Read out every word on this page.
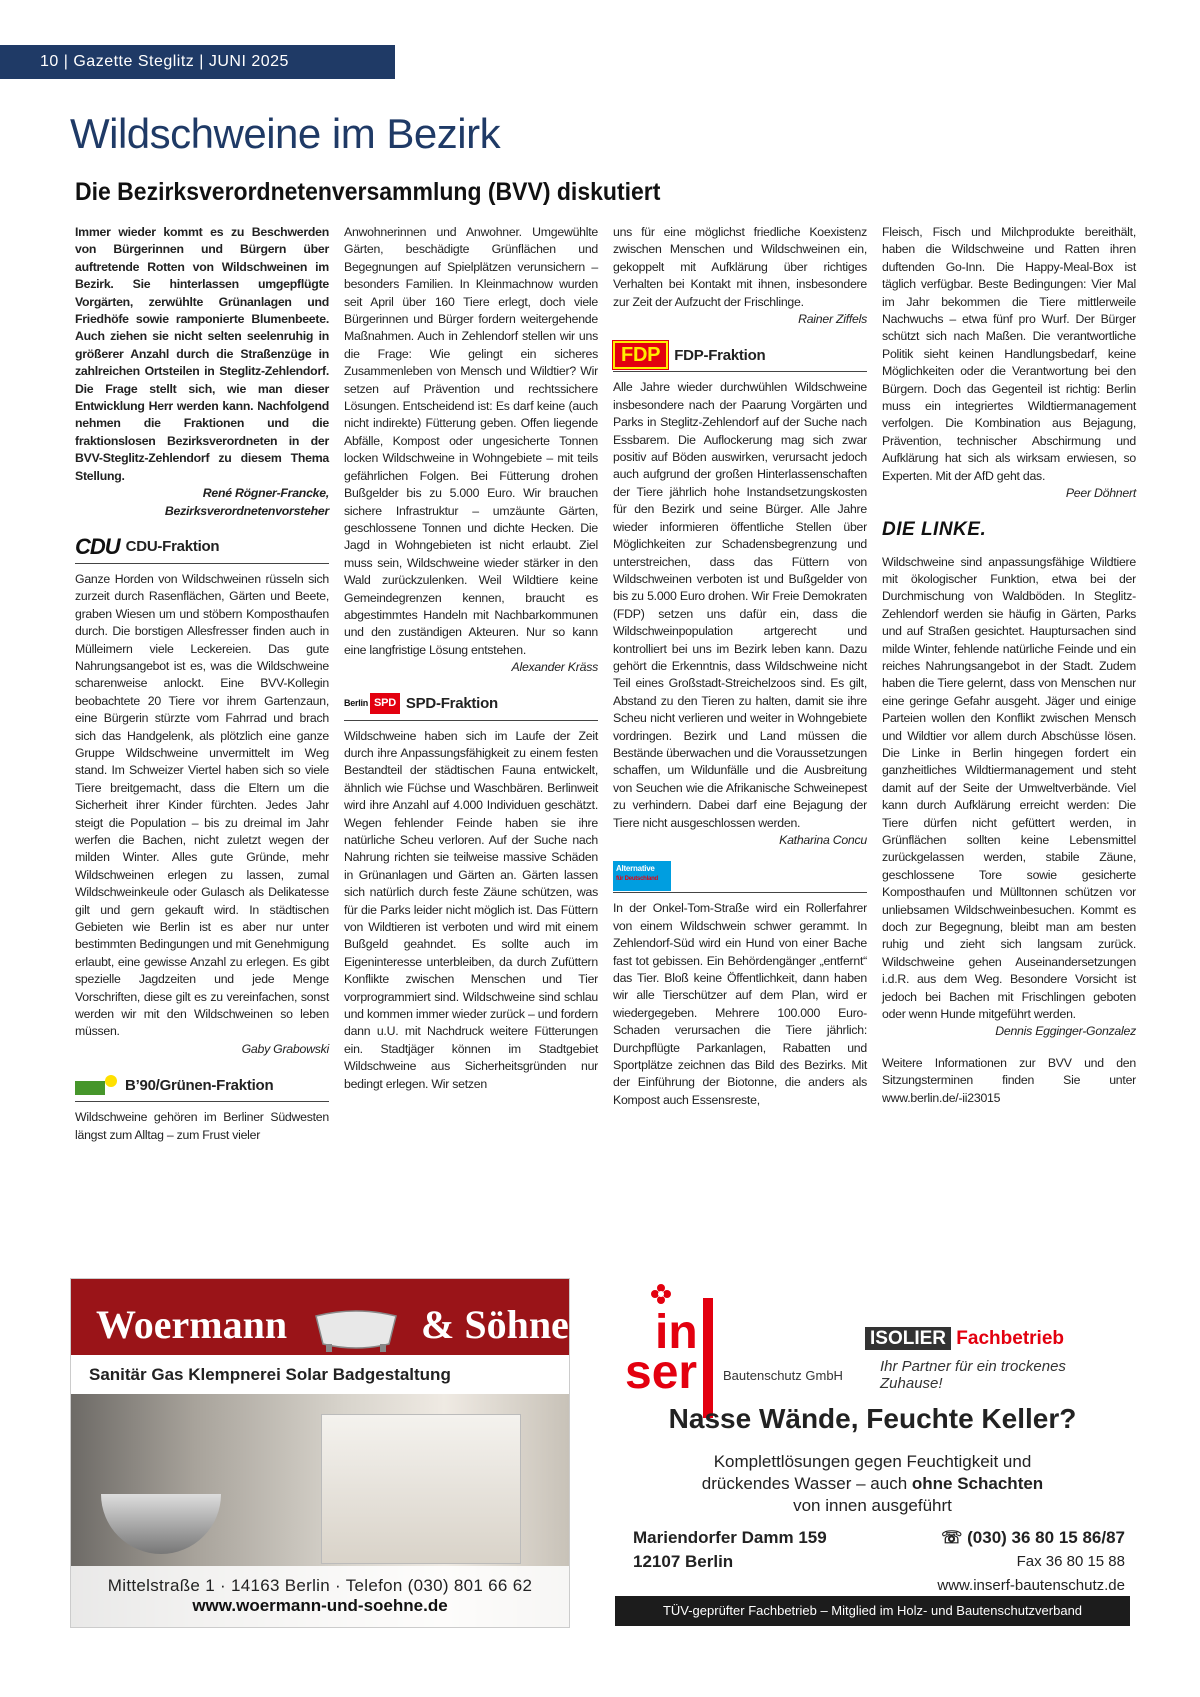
10 | Gazette Steglitz | JUNI 2025
Wildschweine im Bezirk
Die Bezirksverordnetenversammlung (BVV) diskutiert

Immer wieder kommt es zu Beschwerden von Bürgerinnen und Bürgern über auftretende Rotten von Wildschweinen im Bezirk. Sie hinterlassen umgepflügte Vorgärten, zerwühlte Grünanlagen und Friedhöfe sowie ramponierte Blumenbeete. Auch ziehen sie nicht selten seelenruhig in größerer Anzahl durch die Straßenzüge in zahlreichen Ortsteilen in Steglitz-Zehlendorf. Die Frage stellt sich, wie man dieser Entwicklung Herr werden kann. Nachfolgend nehmen die Fraktionen und die fraktionslosen Bezirksverordneten in der BVV-Steglitz-Zehlendorf zu diesem Thema Stellung.

René Rögner-Francke,

Bezirksverordnetenvorsteher

CDU CDU-Fraktion

Ganze Horden von Wildschweinen rüsseln sich zurzeit durch Rasenflächen, Gärten und Beete, graben Wiesen um und stöbern Komposthaufen durch. Die borstigen Allesfresser finden auch in Mülleimern viele Leckereien. Das gute Nahrungsangebot ist es, was die Wildschweine scharenweise anlockt. Eine BVV-Kollegin beobachtete 20 Tiere vor ihrem Gartenzaun, eine Bürgerin stürzte vom Fahrrad und brach sich das Handgelenk, als plötzlich eine ganze Gruppe Wildschweine unvermittelt im Weg stand. Im Schweizer Viertel haben sich so viele Tiere breitgemacht, dass die Eltern um die Sicherheit ihrer Kinder fürchten. Jedes Jahr steigt die Population – bis zu dreimal im Jahr werfen die Bachen, nicht zuletzt wegen der milden Winter. Alles gute Gründe, mehr Wildschweinen erlegen zu lassen, zumal Wildschweinkeule oder Gulasch als Delikatesse gilt und gern gekauft wird. In städtischen Gebieten wie Berlin ist es aber nur unter bestimmten Bedingungen und mit Genehmigung erlaubt, eine gewisse Anzahl zu erlegen. Es gibt spezielle Jagdzeiten und jede Menge Vorschriften, diese gilt es zu vereinfachen, sonst werden wir mit den Wildschweinen so leben müssen.

Gaby Grabowski

B’90/Grünen-Fraktion

Wildschweine gehören im Berliner Südwesten längst zum Alltag – zum Frust vieler

Anwohnerinnen und Anwohner. Umgewühlte Gärten, beschädigte Grünflächen und Begegnungen auf Spielplätzen verunsichern – besonders Familien. In Kleinmachnow wurden seit April über 160 Tiere erlegt, doch viele Bürgerinnen und Bürger fordern weitergehende Maßnahmen. Auch in Zehlendorf stellen wir uns die Frage: Wie gelingt ein sicheres Zusammenleben von Mensch und Wildtier? Wir setzen auf Prävention und rechtssichere Lösungen. Entscheidend ist: Es darf keine (auch nicht indirekte) Fütterung geben. Offen liegende Abfälle, Kompost oder ungesicherte Tonnen locken Wildschweine in Wohngebiete – mit teils gefährlichen Folgen. Bei Fütterung drohen Bußgelder bis zu 5.000 Euro. Wir brauchen sichere Infrastruktur – umzäunte Gärten, geschlossene Tonnen und dichte Hecken. Die Jagd in Wohngebieten ist nicht erlaubt. Ziel muss sein, Wildschweine wieder stärker in den Wald zurückzulenken. Weil Wildtiere keine Gemeindegrenzen kennen, braucht es abgestimmtes Handeln mit Nachbarkommunen und den zuständigen Akteuren. Nur so kann eine langfristige Lösung entstehen.

Alexander Kräss

Berlin SPD SPD-Fraktion

Wildschweine haben sich im Laufe der Zeit durch ihre Anpassungsfähigkeit zu einem festen Bestandteil der städtischen Fauna entwickelt, ähnlich wie Füchse und Waschbären. Berlinweit wird ihre Anzahl auf 4.000 Individuen geschätzt. Wegen fehlender Feinde haben sie ihre natürliche Scheu verloren. Auf der Suche nach Nahrung richten sie teilweise massive Schäden in Grünanlagen und Gärten an. Gärten lassen sich natürlich durch feste Zäune schützen, was für die Parks leider nicht möglich ist. Das Füttern von Wildtieren ist verboten und wird mit einem Bußgeld geahndet. Es sollte auch im Eigeninteresse unterbleiben, da durch Zufüttern Konflikte zwischen Menschen und Tier vorprogrammiert sind. Wildschweine sind schlau und kommen immer wieder zurück – und fordern dann u.U. mit Nachdruck weitere Fütterungen ein. Stadtjäger können im Stadtgebiet Wildschweine aus Sicherheitsgründen nur bedingt erlegen. Wir setzen

uns für eine möglichst friedliche Koexistenz zwischen Menschen und Wildschweinen ein, gekoppelt mit Aufklärung über richtiges Verhalten bei Kontakt mit ihnen, insbesondere zur Zeit der Aufzucht der Frischlinge.

Rainer Ziffels

FDP FDP-Fraktion

Alle Jahre wieder durchwühlen Wildschweine insbesondere nach der Paarung Vorgärten und Parks in Steglitz-Zehlendorf auf der Suche nach Essbarem. Die Auflockerung mag sich zwar positiv auf Böden auswirken, verursacht jedoch auch aufgrund der großen Hinterlassenschaften der Tiere jährlich hohe Instandsetzungskosten für den Bezirk und seine Bürger. Alle Jahre wieder informieren öffentliche Stellen über Möglichkeiten zur Schadensbegrenzung und unterstreichen, dass das Füttern von Wildschweinen verboten ist und Bußgelder von bis zu 5.000 Euro drohen. Wir Freie Demokraten (FDP) setzen uns dafür ein, dass die Wildschweinpopulation artgerecht und kontrolliert bei uns im Bezirk leben kann. Dazu gehört die Erkenntnis, dass Wildschweine nicht Teil eines Großstadt-Streichelzoos sind. Es gilt, Abstand zu den Tieren zu halten, damit sie ihre Scheu nicht verlieren und weiter in Wohngebiete vordringen. Bezirk und Land müssen die Bestände überwachen und die Voraussetzungen schaffen, um Wildunfälle und die Ausbreitung von Seuchen wie die Afrikanische Schweinepest zu verhindern. Dabei darf eine Bejagung der Tiere nicht ausgeschlossen werden.

Katharina Concu

Alternative
für Deutschland

In der Onkel-Tom-Straße wird ein Rollerfahrer von einem Wildschwein schwer gerammt. In Zehlendorf-Süd wird ein Hund von einer Bache fast tot gebissen. Ein Behördengänger „entfernt“ das Tier. Bloß keine Öffentlichkeit, dann haben wir alle Tierschützer auf dem Plan, wird er wiedergegeben. Mehrere 100.000 Euro-Schaden verursachen die Tiere jährlich: Durchpflügte Parkanlagen, Rabatten und Sportplätze zeichnen das Bild des Bezirks. Mit der Einführung der Biotonne, die anders als Kompost auch Essensreste,

Fleisch, Fisch und Milchprodukte bereithält, haben die Wildschweine und Ratten ihren duftenden Go-Inn. Die Happy-Meal-Box ist täglich verfügbar. Beste Bedingungen: Vier Mal im Jahr bekommen die Tiere mittlerweile Nachwuchs – etwa fünf pro Wurf. Der Bürger schützt sich nach Maßen. Die verantwortliche Politik sieht keinen Handlungsbedarf, keine Möglichkeiten oder die Verantwortung bei den Bürgern. Doch das Gegenteil ist richtig: Berlin muss ein integriertes Wildtiermanagement verfolgen. Die Kombination aus Bejagung, Prävention, technischer Abschirmung und Aufklärung hat sich als wirksam erwiesen, so Experten. Mit der AfD geht das.

Peer Döhnert

DIE LINKE.

Wildschweine sind anpassungsfähige Wildtiere mit ökologischer Funktion, etwa bei der Durchmischung von Waldböden. In Steglitz-Zehlendorf werden sie häufig in Gärten, Parks und auf Straßen gesichtet. Hauptursachen sind milde Winter, fehlende natürliche Feinde und ein reiches Nahrungsangebot in der Stadt. Zudem haben die Tiere gelernt, dass von Menschen nur eine geringe Gefahr ausgeht. Jäger und einige Parteien wollen den Konflikt zwischen Mensch und Wildtier vor allem durch Abschüsse lösen. Die Linke in Berlin hingegen fordert ein ganzheitliches Wildtiermanagement und steht damit auf der Seite der Umweltverbände. Viel kann durch Aufklärung erreicht werden: Die Tiere dürfen nicht gefüttert werden, in Grünflächen sollten keine Lebensmittel zurückgelassen werden, stabile Zäune, geschlossene Tore sowie gesicherte Komposthaufen und Mülltonnen schützen vor unliebsamen Wildschweinbesuchen. Kommt es doch zur Begegnung, bleibt man am besten ruhig und zieht sich langsam zurück. Wildschweine gehen Auseinandersetzungen i.d.R. aus dem Weg. Besondere Vorsicht ist jedoch bei Bachen mit Frischlingen geboten oder wenn Hunde mitgeführt werden.

Dennis Egginger-Gonzalez

Weitere Informationen zur BVV und den Sitzungsterminen finden Sie unter www.berlin.de/-ii23015

Woermann	& Söhne
Sanitär Gas Klempnerei Solar Badgestaltung
Mittelstraße 1 · 14163 Berlin · Telefon (030) 801 66 62
www.woermann-und-soehne.de
in
ser Bautenschutz GmbH
ISOLIER Fachbetrieb
Ihr Partner für ein trockenes Zuhause!
Nasse Wände, Feuchte Keller?
Komplettlösungen gegen Feuchtigkeit und
drückendes Wasser – auch ohne Schachten
von innen ausgeführt
Mariendorfer Damm 159
12107 Berlin
☏ (030) 36 80 15 86/87
Fax 36 80 15 88
www.inserf-bautenschutz.de
TÜV-geprüfter Fachbetrieb – Mitglied im Holz- und Bautenschutzverband
